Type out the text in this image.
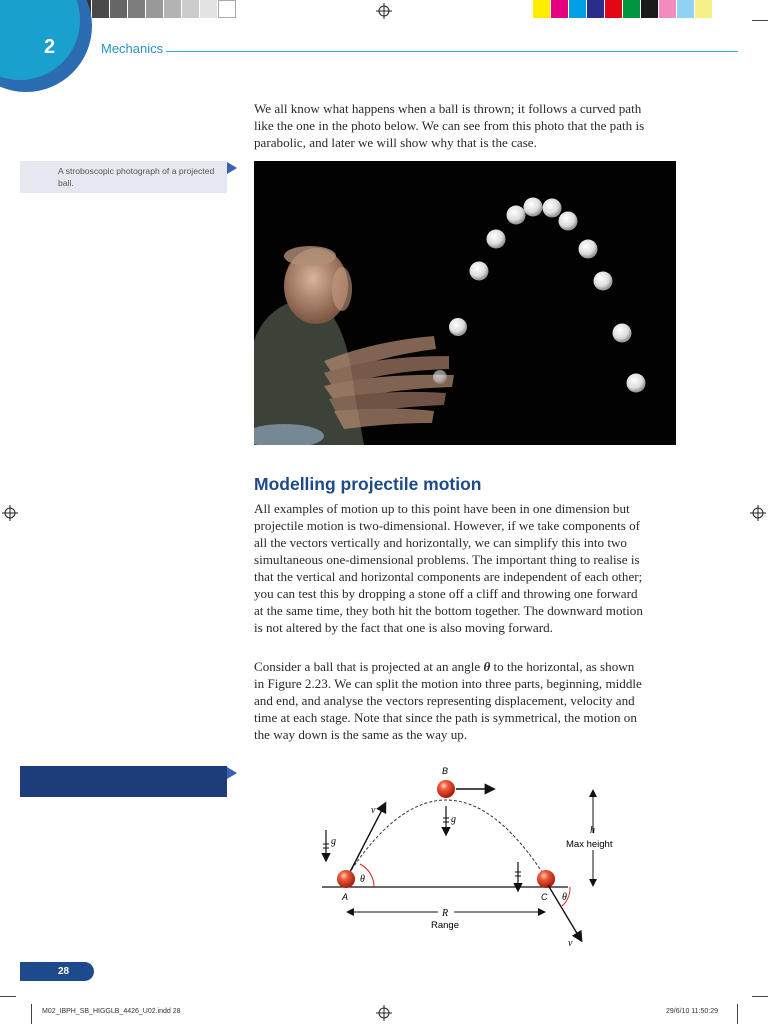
2	Mechanics

We all know what happens when a ball is thrown; it follows a curved path like the one in the photo below. We can see from this photo that the path is parabolic, and later we will show why that is the case.

A stroboscopic photograph of a projected ball.
Modelling projectile motion

All examples of motion up to this point have been in one dimension but projectile motion is two-dimensional. However, if we take components of all the vectors vertically and horizontally, we can simplify this into two simultaneous one-dimensional problems. The important thing to realise is that the vertical and horizontal components are independent of each other; you can test this by dropping a stone off a cliff and throwing one forward at the same time, they both hit the bottom together. The downward motion is not altered by the fact that one is also moving forward.

Consider a ball that is projected at an angle θ to the horizontal, as shown in Figure 2.23. We can split the motion into three parts, beginning, middle and end, and analyse the vectors representing displacement, velocity and time at each stage. Note that since the path is symmetrical, the motion on the way down is the same as the way up.

Figure 2.23 A projectile launched at an angle θ
v
θ
g
A
B
g
C
v
θ
h
Max height
R
Range
28
M02_IBPH_SB_HIGGLB_4426_U02.indd 28	29/6/10 11:50:29
